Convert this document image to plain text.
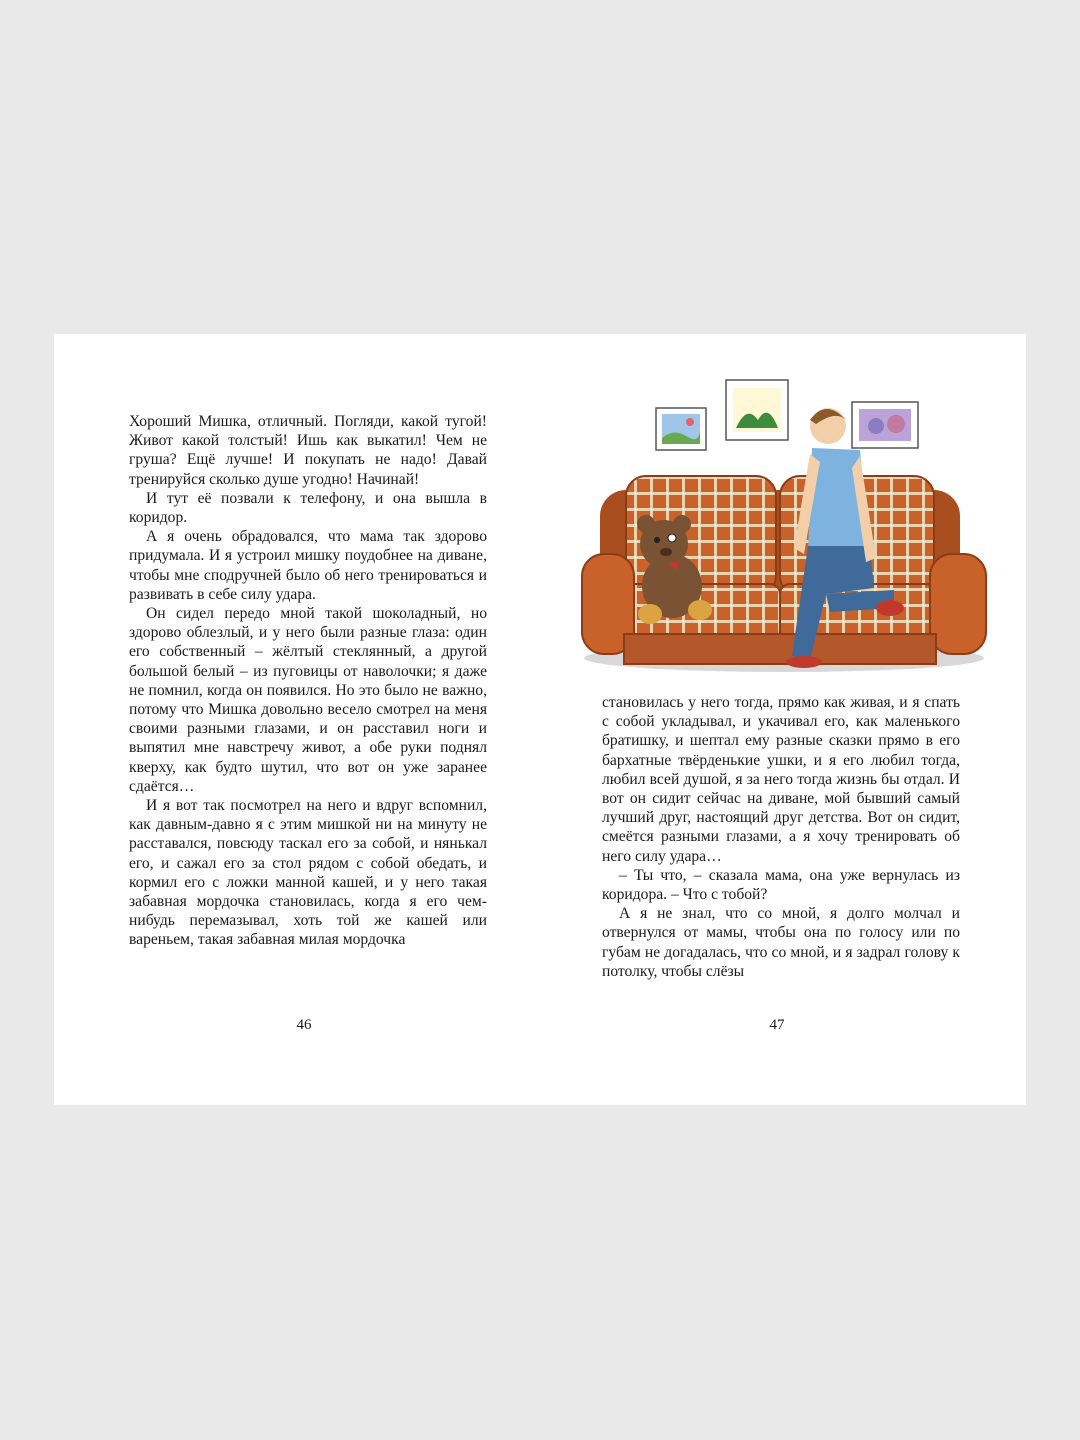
Хороший Мишка, отличный. Погляди, какой тугой! Живот какой толстый! Ишь как выкатил! Чем не груша? Ещё лучше! И покупать не надо! Давай тренируйся сколько душе угодно! Начинай!

И тут её позвали к телефону, и она вышла в коридор.

А я очень обрадовался, что мама так здорово придумала. И я устроил мишку поудобнее на диване, чтобы мне сподручней было об него тренироваться и развивать в себе силу удара.

Он сидел передо мной такой шоколадный, но здорово облезлый, и у него были разные глаза: один его собственный – жёлтый стеклянный, а другой большой белый – из пуговицы от наволочки; я даже не помнил, когда он появился. Но это было не важно, потому что Мишка довольно весело смотрел на меня своими разными глазами, и он расставил ноги и выпятил мне навстречу живот, а обе руки поднял кверху, как будто шутил, что вот он уже заранее сдаётся…

И я вот так посмотрел на него и вдруг вспомнил, как давным-давно я с этим мишкой ни на минуту не расставался, повсюду таскал его за собой, и нянькал его, и сажал его за стол рядом с собой обедать, и кормил его с ложки манной кашей, и у него такая забавная мордочка становилась, когда я его чем-нибудь перемазывал, хоть той же кашей или вареньем, такая забавная милая мордочка

46

становилась у него тогда, прямо как живая, и я спать с собой укладывал, и укачивал его, как маленького братишку, и шептал ему разные сказки прямо в его бархатные твёрденькие ушки, и я его любил тогда, любил всей душой, я за него тогда жизнь бы отдал. И вот он сидит сейчас на диване, мой бывший самый лучший друг, настоящий друг детства. Вот он сидит, смеётся разными глазами, а я хочу тренировать об него силу удара…

– Ты что, – сказала мама, она уже вернулась из коридора. – Что с тобой?

А я не знал, что со мной, я долго молчал и отвернулся от мамы, чтобы она по голосу или по губам не догадалась, что со мной, и я задрал голову к потолку, чтобы слёзы

47
